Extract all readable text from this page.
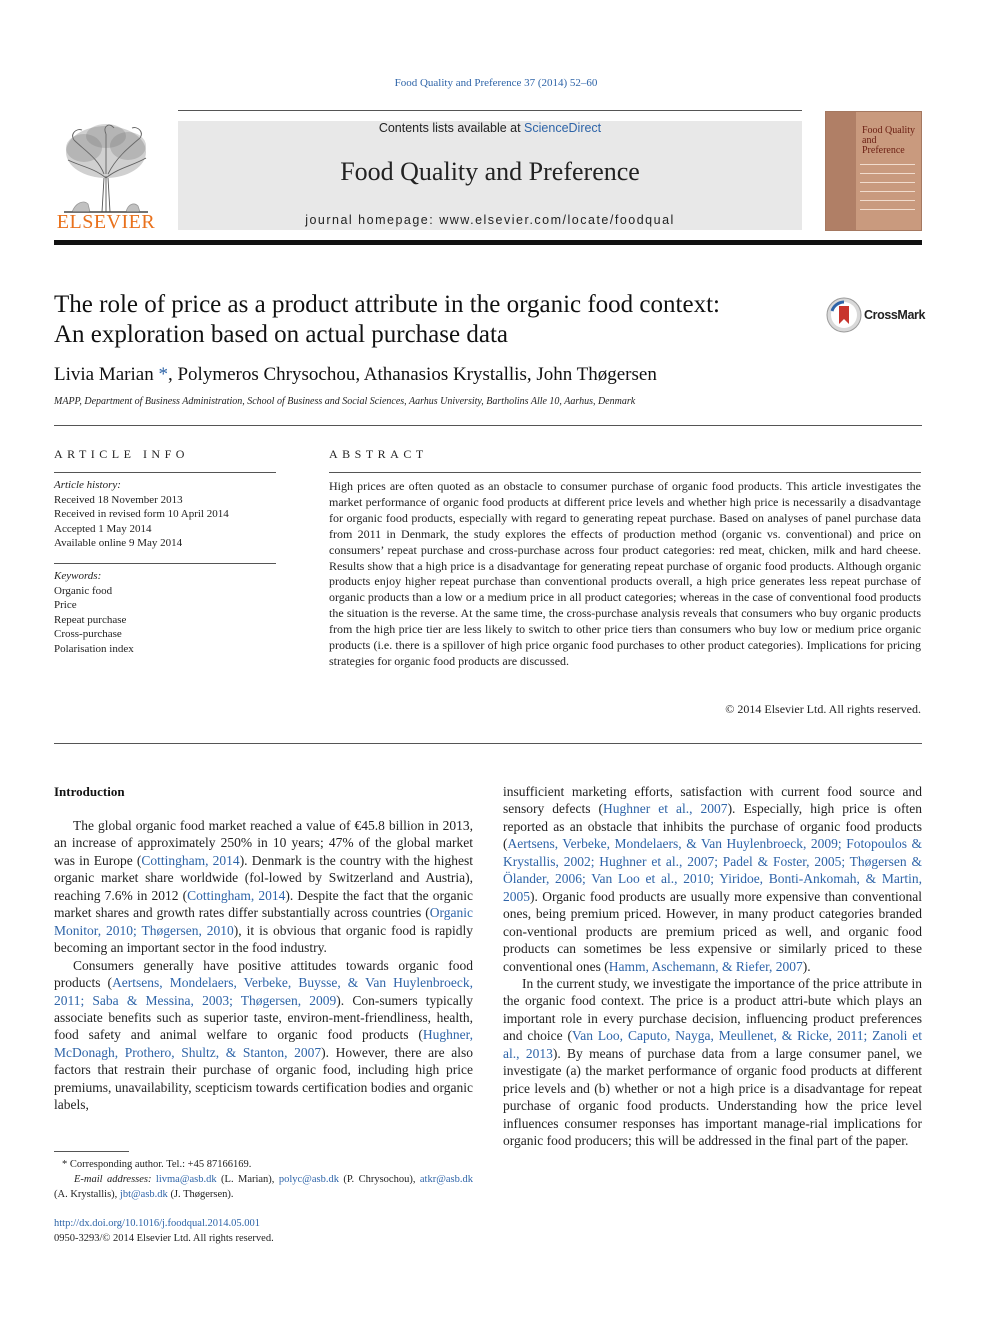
Food Quality and Preference 37 (2014) 52–60
ELSEVIER
Contents lists available at ScienceDirect
Food Quality and Preference
journal homepage: www.elsevier.com/locate/foodqual
Food Quality and Preference
The role of price as a product attribute in the organic food context:
An exploration based on actual purchase data
CrossMark
Livia Marian *, Polymeros Chrysochou, Athanasios Krystallis, John Thøgersen
MAPP, Department of Business Administration, School of Business and Social Sciences, Aarhus University, Bartholins Alle 10, Aarhus, Denmark
ARTICLE INFO
Article history:
Received 18 November 2013
Received in revised form 10 April 2014
Accepted 1 May 2014
Available online 9 May 2014
Keywords:
Organic food
Price
Repeat purchase
Cross-purchase
Polarisation index
ABSTRACT
High prices are often quoted as an obstacle to consumer purchase of organic food products. This article investigates the market performance of organic food products at different price levels and whether high price is necessarily a disadvantage for organic food products, especially with regard to generating repeat purchase. Based on analyses of panel purchase data from 2011 in Denmark, the study explores the effects of production method (organic vs. conventional) and price on consumers’ repeat purchase and cross-purchase across four product categories: red meat, chicken, milk and hard cheese. Results show that a high price is a disadvantage for generating repeat purchase of organic food products. Although organic products enjoy higher repeat purchase than conventional products overall, a high price generates less repeat purchase of organic products than a low or a medium price in all product categories; whereas in the case of conventional food products the situation is the reverse. At the same time, the cross-purchase analysis reveals that consumers who buy organic products from the high price tier are less likely to switch to other price tiers than consumers who buy low or medium price organic products (i.e. there is a spillover of high price organic food purchases to other product categories). Implications for pricing strategies for organic food products are discussed.
© 2014 Elsevier Ltd. All rights reserved.
Introduction

The global organic food market reached a value of €45.8 billion in 2013, an increase of approximately 250% in 10 years; 47% of the global market was in Europe (Cottingham, 2014). Denmark is the country with the highest organic market share worldwide (fol-lowed by Switzerland and Austria), reaching 7.6% in 2012 (Cottingham, 2014). Despite the fact that the organic market shares and growth rates differ substantially across countries (Organic Monitor, 2010; Thøgersen, 2010), it is obvious that organic food is rapidly becoming an important sector in the food industry.

Consumers generally have positive attitudes towards organic food products (Aertsens, Mondelaers, Verbeke, Buysse, & Van Huylenbroeck, 2011; Saba & Messina, 2003; Thøgersen, 2009). Con-sumers typically associate benefits such as superior taste, environ-ment-friendliness, health, food safety and animal welfare to organic food products (Hughner, McDonagh, Prothero, Shultz, & Stanton, 2007). However, there are also factors that restrain their purchase of organic food, including high price premiums, unavailability, scepticism towards certification bodies and organic labels,

insufficient marketing efforts, satisfaction with current food source and sensory defects (Hughner et al., 2007). Especially, high price is often reported as an obstacle that inhibits the purchase of organic food products (Aertsens, Verbeke, Mondelaers, & Van Huylenbroeck, 2009; Fotopoulos & Krystallis, 2002; Hughner et al., 2007; Padel & Foster, 2005; Thøgersen & Ölander, 2006; Van Loo et al., 2010; Yiridoe, Bonti-Ankomah, & Martin, 2005). Organic food products are usually more expensive than conventional ones, being premium priced. However, in many product categories branded con-ventional products are premium priced as well, and organic food products can sometimes be less expensive or similarly priced to these conventional ones (Hamm, Aschemann, & Riefer, 2007).

In the current study, we investigate the importance of the price attribute in the organic food context. The price is a product attri-bute which plays an important role in every purchase decision, influencing product preferences and choice (Van Loo, Caputo, Nayga, Meullenet, & Ricke, 2011; Zanoli et al., 2013). By means of purchase data from a large consumer panel, we investigate (a) the market performance of organic food products at different price levels and (b) whether or not a high price is a disadvantage for repeat purchase of organic food products. Understanding how the price level influences consumer responses has important manage-rial implications for organic food producers; this will be addressed in the final part of the paper.

* Corresponding author. Tel.: +45 87166169.
E-mail addresses: livma@asb.dk (L. Marian), polyc@asb.dk (P. Chrysochou), atkr@asb.dk (A. Krystallis), jbt@asb.dk (J. Thøgersen).
http://dx.doi.org/10.1016/j.foodqual.2014.05.001
0950-3293/© 2014 Elsevier Ltd. All rights reserved.
